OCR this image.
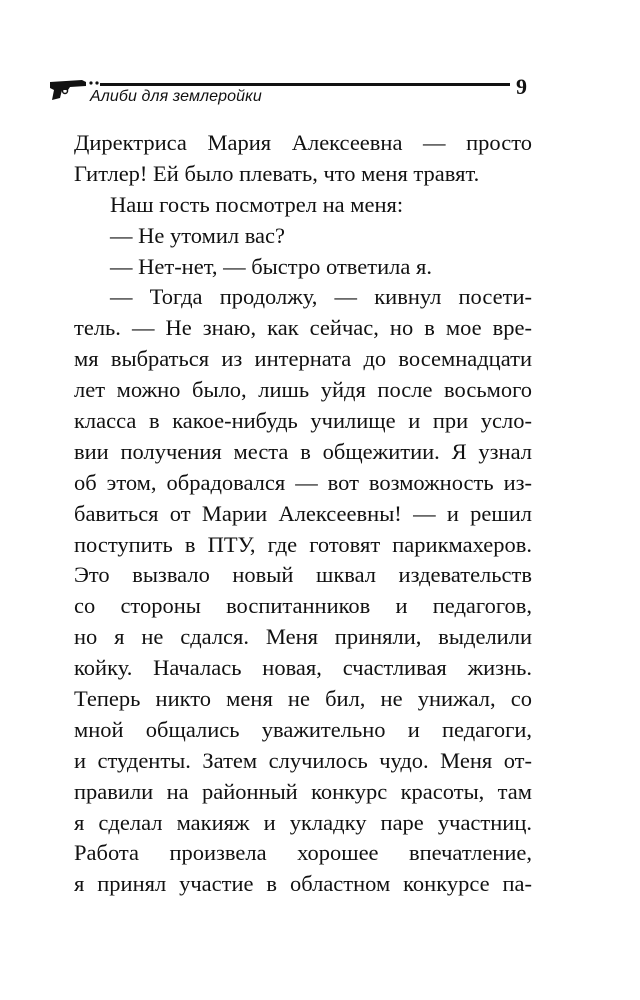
Алиби для землеройки	9
Директриса Мария Алексеевна — просто
Гитлер! Ей было плевать, что меня травят.
Наш гость посмотрел на меня:
— Не утомил вас?
— Нет-нет, — быстро ответила я.
— Тогда продолжу, — кивнул посети-
тель. — Не знаю, как сейчас, но в мое вре-
мя выбраться из интерната до восемнадцати
лет можно было, лишь уйдя после восьмого
класса в какое-нибудь училище и при усло-
вии получения места в общежитии. Я узнал
об этом, обрадовался — вот возможность из-
бавиться от Марии Алексеевны! — и решил
поступить в ПТУ, где готовят парикмахеров.
Это вызвало новый шквал издевательств
со стороны воспитанников и педагогов,
но я не сдался. Меня приняли, выделили
койку. Началась новая, счастливая жизнь.
Теперь никто меня не бил, не унижал, со
мной общались уважительно и педагоги,
и студенты. Затем случилось чудо. Меня от-
правили на районный конкурс красоты, там
я сделал макияж и укладку паре участниц.
Работа произвела хорошее впечатление,
я принял участие в областном конкурсе па-
